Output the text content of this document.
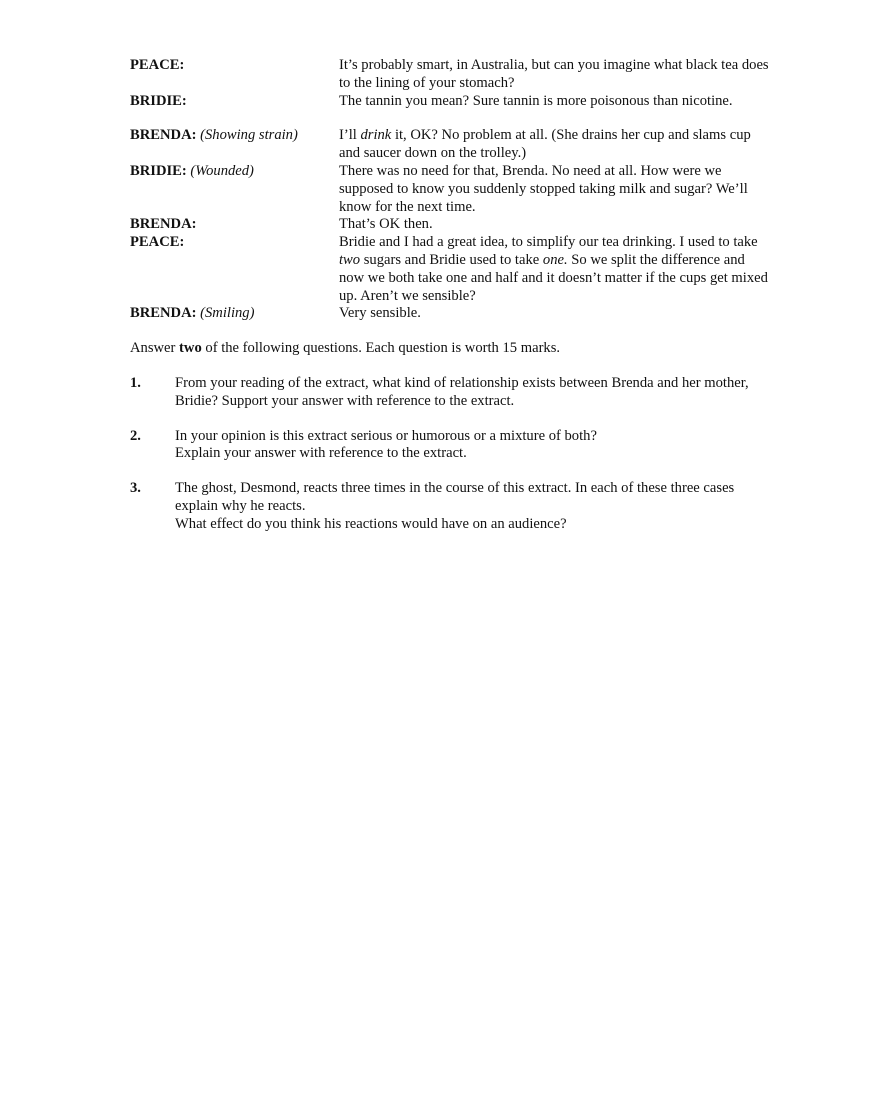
PEACE:	It’s probably smart, in Australia, but can you imagine what black tea does to the lining of your stomach?
BRIDIE:	The tannin you mean? Sure tannin is more poisonous than nicotine.
BRENDA: (Showing strain)	I’ll drink it, OK? No problem at all. (She drains her cup and slams cup and saucer down on the trolley.)
BRIDIE: (Wounded)	There was no need for that, Brenda. No need at all. How were we supposed to know you suddenly stopped taking milk and sugar? We’ll know for the next time.
BRENDA:	That’s OK then.
PEACE:	Bridie and I had a great idea, to simplify our tea drinking. I used to take two sugars and Bridie used to take one. So we split the difference and now we both take one and half and it doesn’t matter if the cups get mixed up. Aren’t we sensible?
BRENDA: (Smiling)	Very sensible.
Answer two of the following questions. Each question is worth 15 marks.
1.	From your reading of the extract, what kind of relationship exists between Brenda and her mother, Bridie? Support your answer with reference to the extract.
2.	In your opinion is this extract serious or humorous or a mixture of both?
Explain your answer with reference to the extract.
3.	The ghost, Desmond, reacts three times in the course of this extract. In each of these three cases explain why he reacts.
What effect do you think his reactions would have on an audience?
